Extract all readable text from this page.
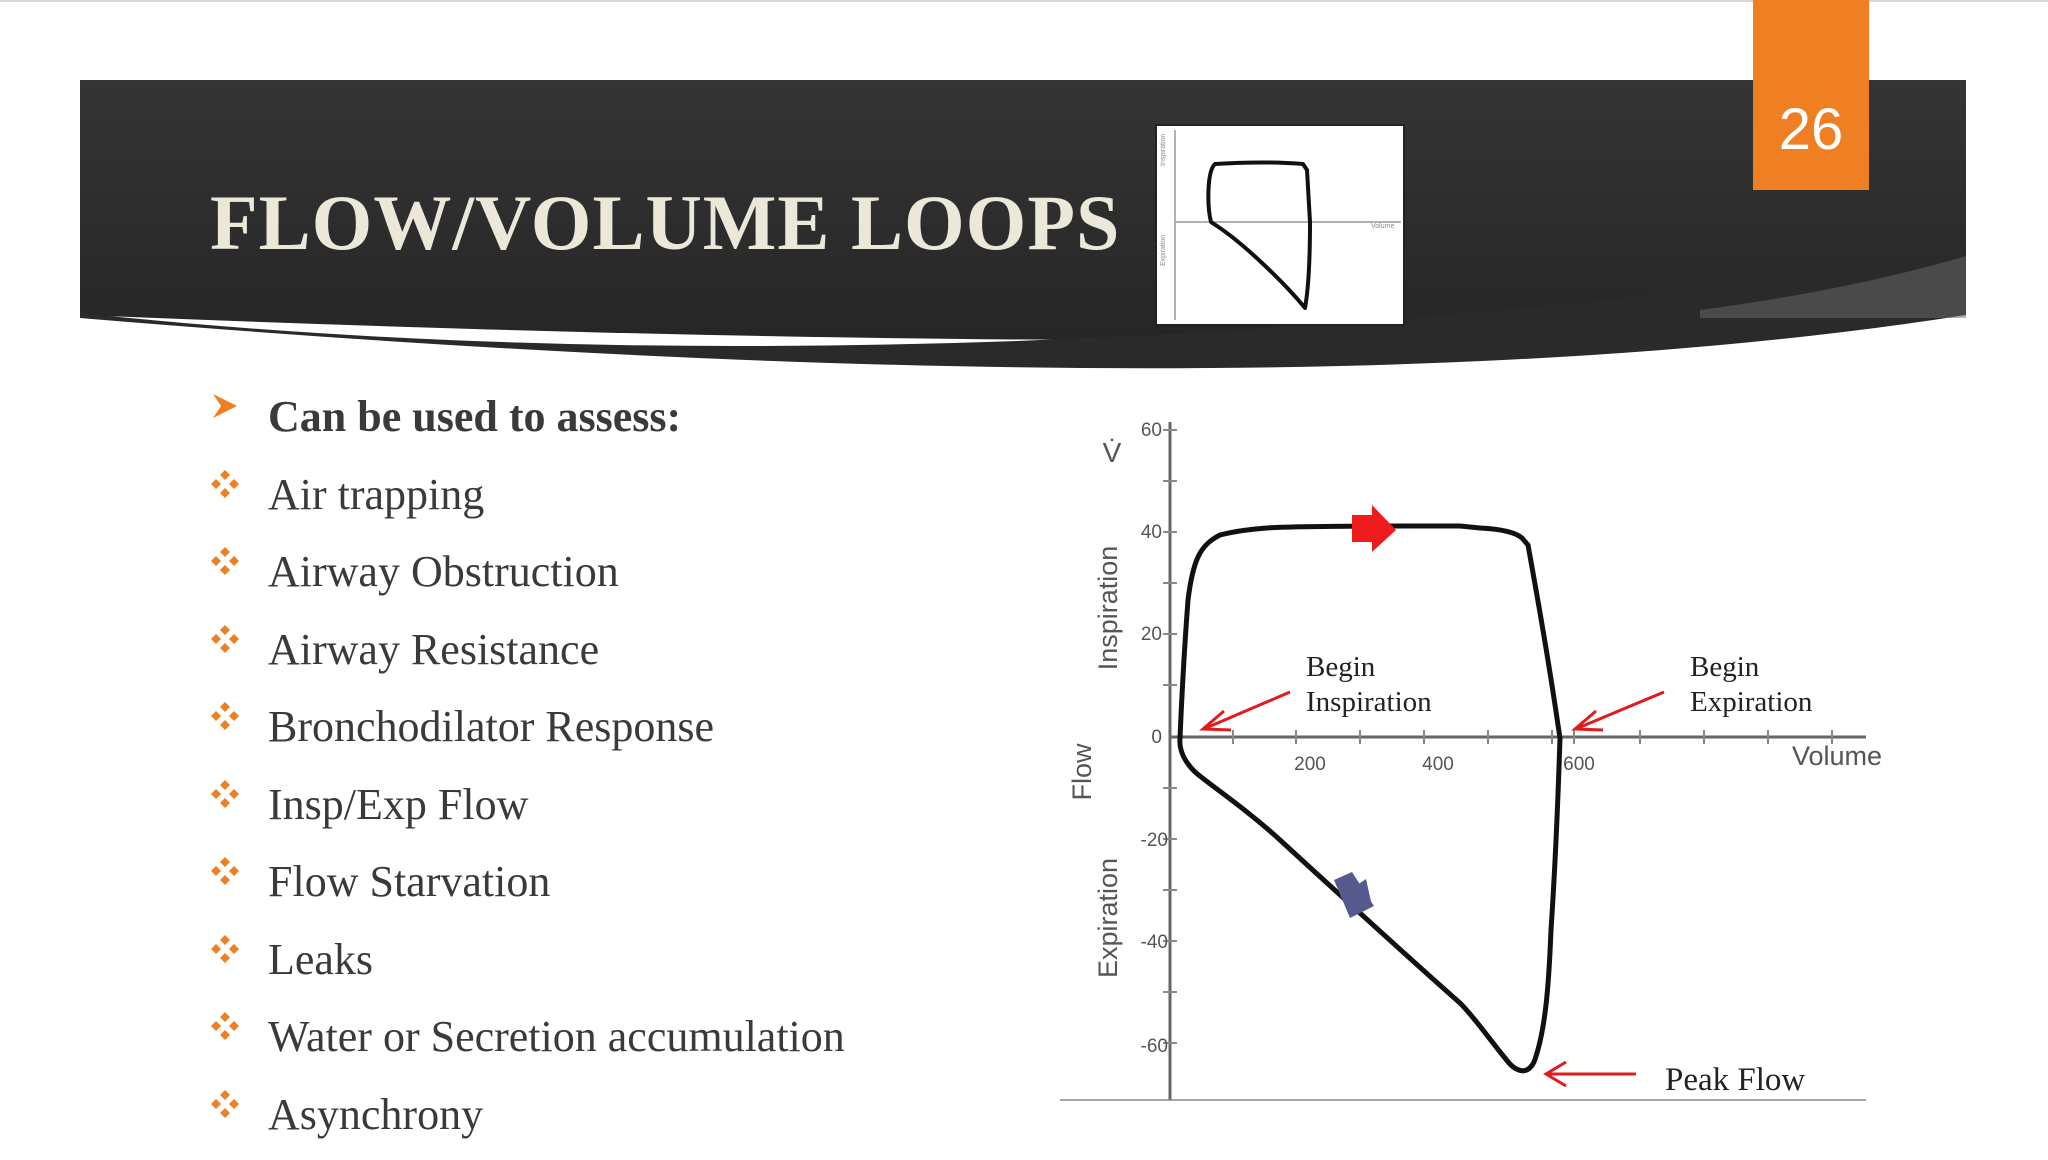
FLOW/VOLUME LOOPS
26
Inspiration
Expiration
Volume
Can be used to assess:
Air trapping
Airway Obstruction
Airway Resistance
Bronchodilator Response
Insp/Exp Flow
Flow Starvation
Leaks
Water or Secretion accumulation
Asynchrony
60
40
20
0
-20
-40
-60
200	400	600	Volume
V̇
Inspiration
Flow
Expiration
Begin
Inspiration
Begin
Expiration
Peak Flow
